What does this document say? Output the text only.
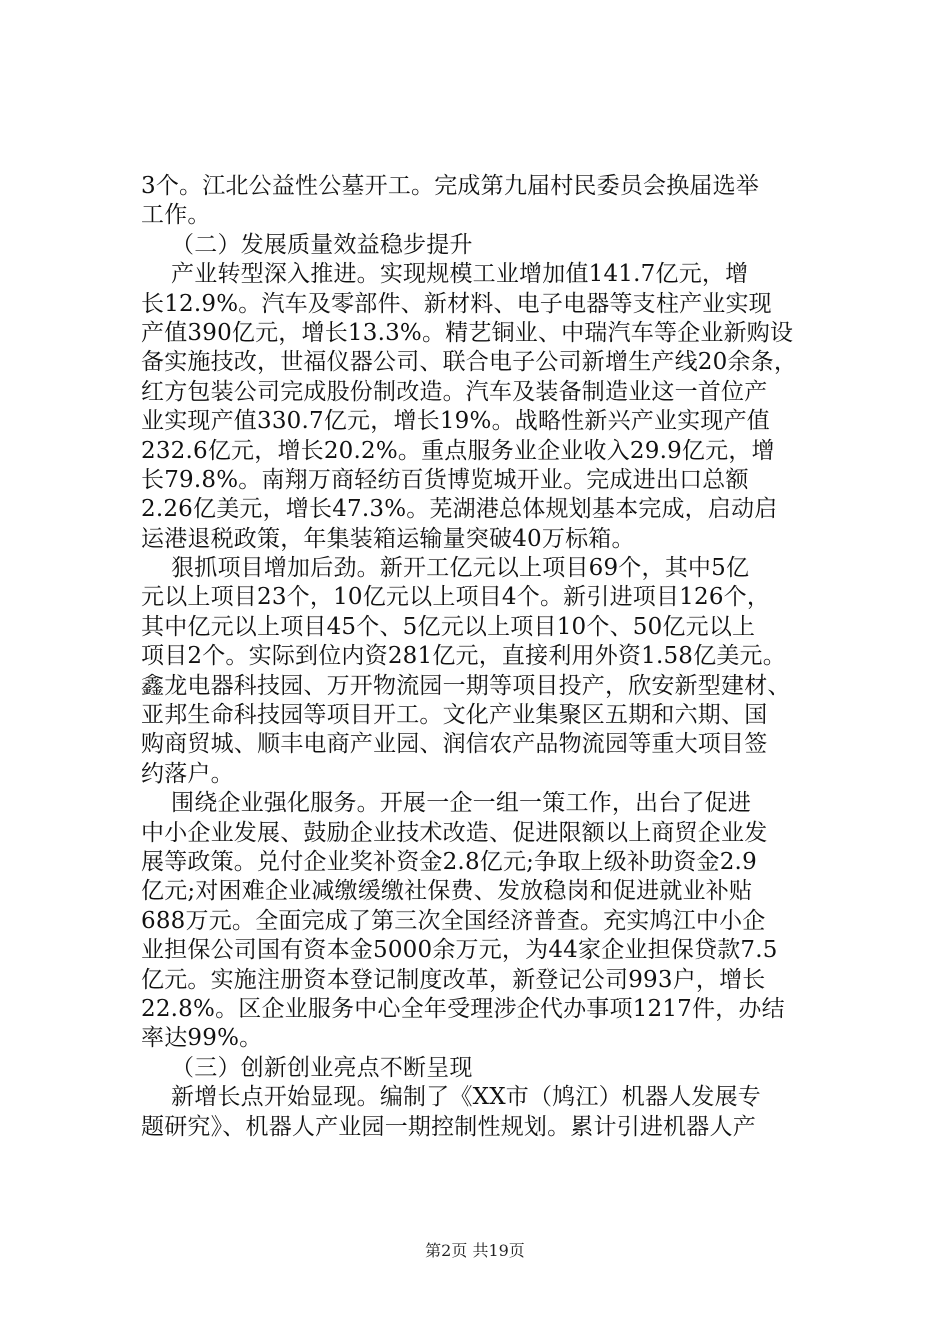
3个。江北公益性公墓开工。完成第九届村民委员会换届选举
工作。
（二）发展质量效益稳步提升
产业转型深入推进。实现规模工业增加值141.7亿元，增
长12.9%。汽车及零部件、新材料、电子电器等支柱产业实现
产值390亿元，增长13.3%。精艺铜业、中瑞汽车等企业新购设
备实施技改，世福仪器公司、联合电子公司新增生产线20余条，
红方包装公司完成股份制改造。汽车及装备制造业这一首位产
业实现产值330.7亿元，增长19%。战略性新兴产业实现产值
232.6亿元，增长20.2%。重点服务业企业收入29.9亿元，增
长79.8%。南翔万商轻纺百货博览城开业。完成进出口总额
2.26亿美元，增长47.3%。芜湖港总体规划基本完成，启动启
运港退税政策，年集装箱运输量突破40万标箱。
狠抓项目增加后劲。新开工亿元以上项目69个，其中5亿
元以上项目23个，10亿元以上项目4个。新引进项目126个，
其中亿元以上项目45个、5亿元以上项目10个、50亿元以上
项目2个。实际到位内资281亿元，直接利用外资1.58亿美元。
鑫龙电器科技园、万开物流园一期等项目投产，欣安新型建材、
亚邦生命科技园等项目开工。文化产业集聚区五期和六期、国
购商贸城、顺丰电商产业园、润信农产品物流园等重大项目签
约落户。
围绕企业强化服务。开展一企一组一策工作，出台了促进
中小企业发展、鼓励企业技术改造、促进限额以上商贸企业发
展等政策。兑付企业奖补资金2.8亿元;争取上级补助资金2.9
亿元;对困难企业减缴缓缴社保费、发放稳岗和促进就业补贴
688万元。全面完成了第三次全国经济普查。充实鸠江中小企
业担保公司国有资本金5000余万元，为44家企业担保贷款7.5
亿元。实施注册资本登记制度改革，新登记公司993户，增长
22.8%。区企业服务中心全年受理涉企代办事项1217件，办结
率达99%。
（三）创新创业亮点不断呈现
新增长点开始显现。编制了《XX市（鸠江）机器人发展专
题研究》、机器人产业园一期控制性规划。累计引进机器人产
第2页 共19页
